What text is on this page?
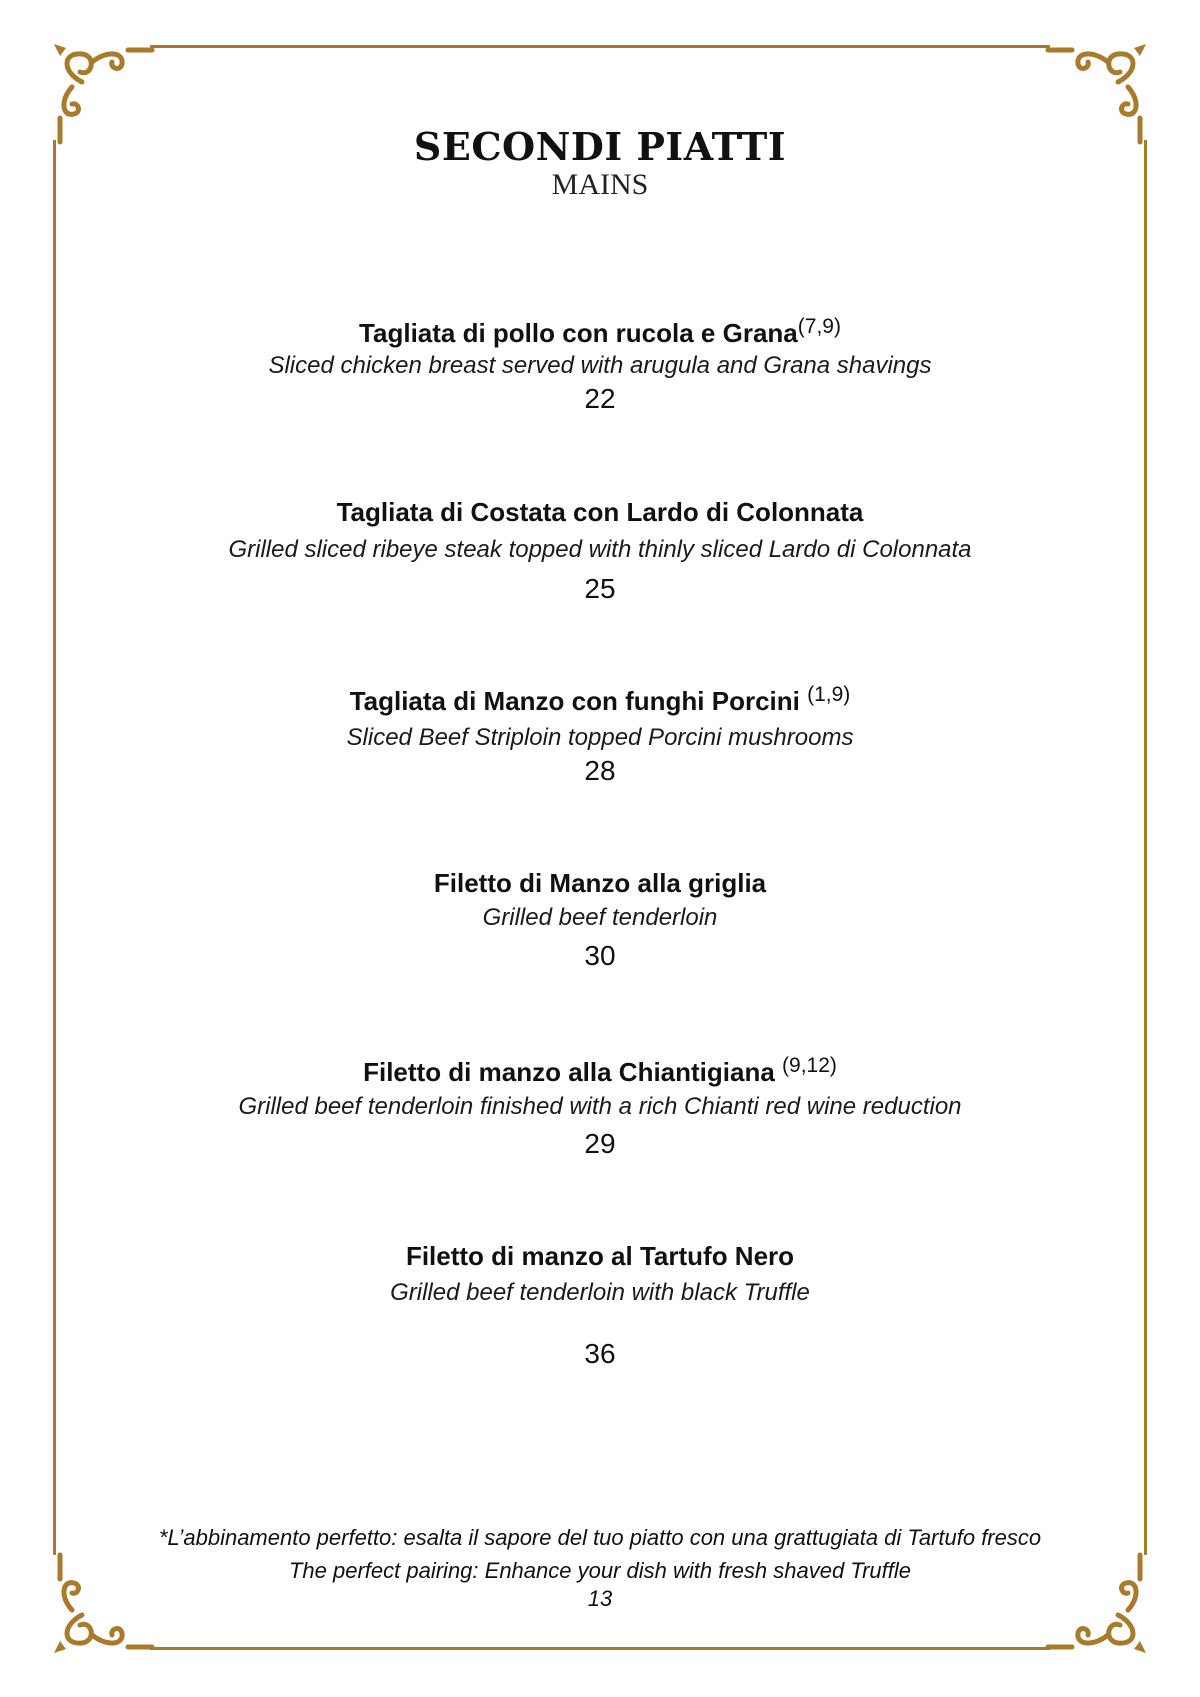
SECONDI PIATTI
MAINS
Tagliata di pollo con rucola e Grana$^{(7,9)}$
Sliced chicken breast served with arugula and Grana shavings
22
Tagliata di Costata con Lardo di Colonnata
Grilled sliced ribeye steak topped with thinly sliced Lardo di Colonnata
25
Tagliata di Manzo con funghi Porcini $^{(1,9)}$
Sliced Beef Striploin topped Porcini mushrooms
28
Filetto di Manzo alla griglia
Grilled beef tenderloin
30
Filetto di manzo alla Chiantigiana $^{(9,12)}$
Grilled beef tenderloin finished with a rich Chianti red wine reduction
29
Filetto di manzo al Tartufo Nero
Grilled beef tenderloin with black Truffle
36
*L’abbinamento perfetto: esalta il sapore del tuo piatto con una grattugiata di Tartufo fresco
The perfect pairing: Enhance your dish with fresh shaved Truffle
13
